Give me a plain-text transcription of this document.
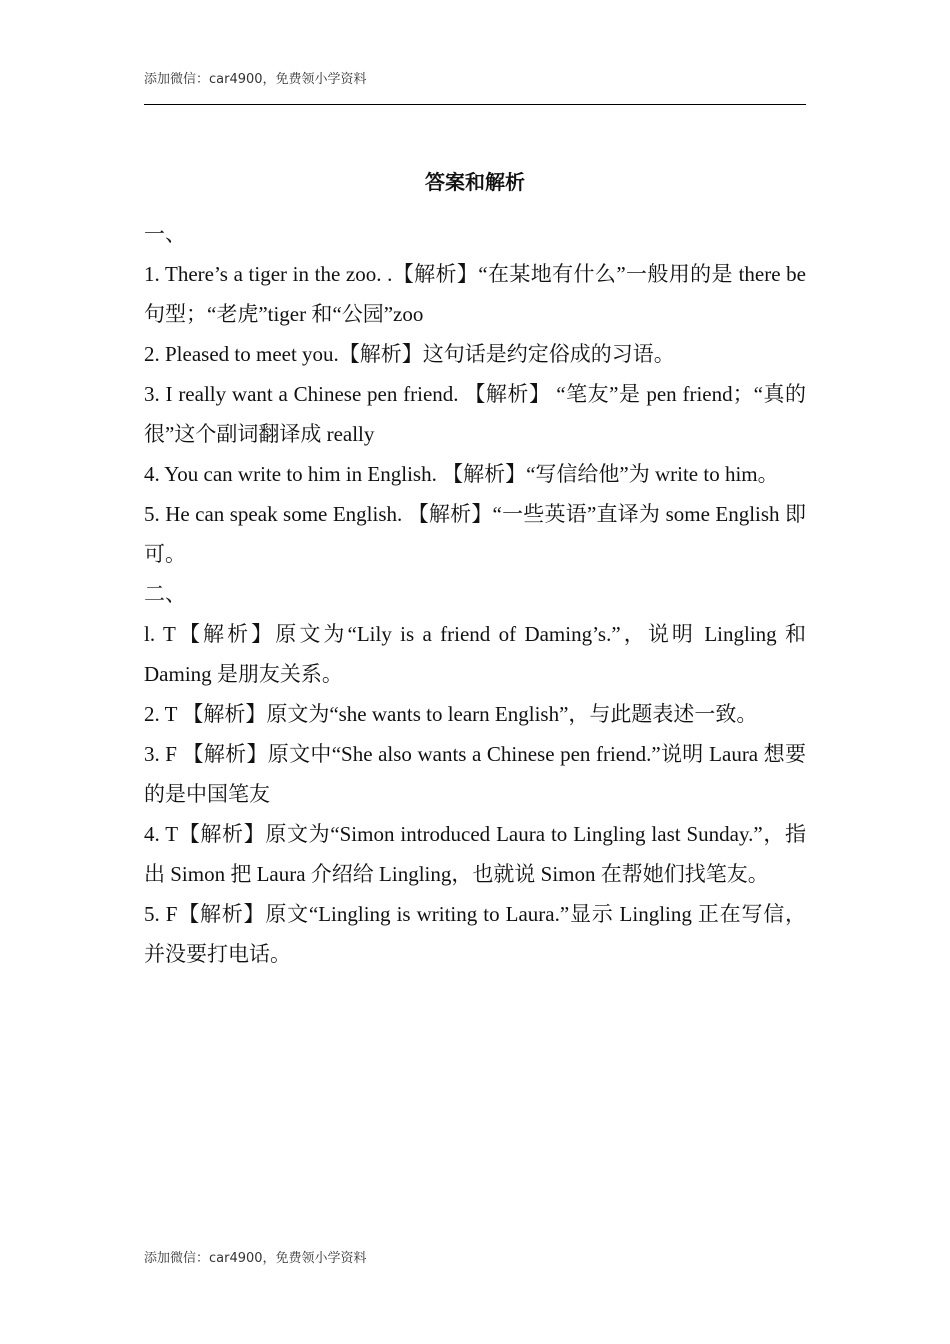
添加微信：car4900，免费领小学资料
答案和解析

一、

1. There’s a tiger in the zoo. .【解析】“在某地有什么”一般用的是 there be 句型；“老虎”tiger 和“公园”zoo

2. Pleased to meet you.【解析】这句话是约定俗成的习语。

3. I really want a Chinese pen friend. 【解析】 “笔友”是 pen friend；“真的很”这个副词翻译成 really

4. You can write to him in English. 【解析】“写信给他”为 write to him。

5. He can speak some English. 【解析】“一些英语”直译为 some English 即可。

二、

l. T【解析】原文为“Lily is a friend of Daming’s.”，说明 Lingling 和 Daming 是朋友关系。

2. T 【解析】原文为“she wants to learn English”，与此题表述一致。

3. F 【解析】原文中“She also wants a Chinese pen friend.”说明 Laura 想要的是中国笔友

4. T【解析】原文为“Simon introduced Laura to Lingling last Sunday.”，指出 Simon 把 Laura 介绍给 Lingling，也就说 Simon 在帮她们找笔友。

5. F【解析】原文“Lingling is writing to Laura.”显示 Lingling 正在写信，并没要打电话。

添加微信：car4900，免费领小学资料
